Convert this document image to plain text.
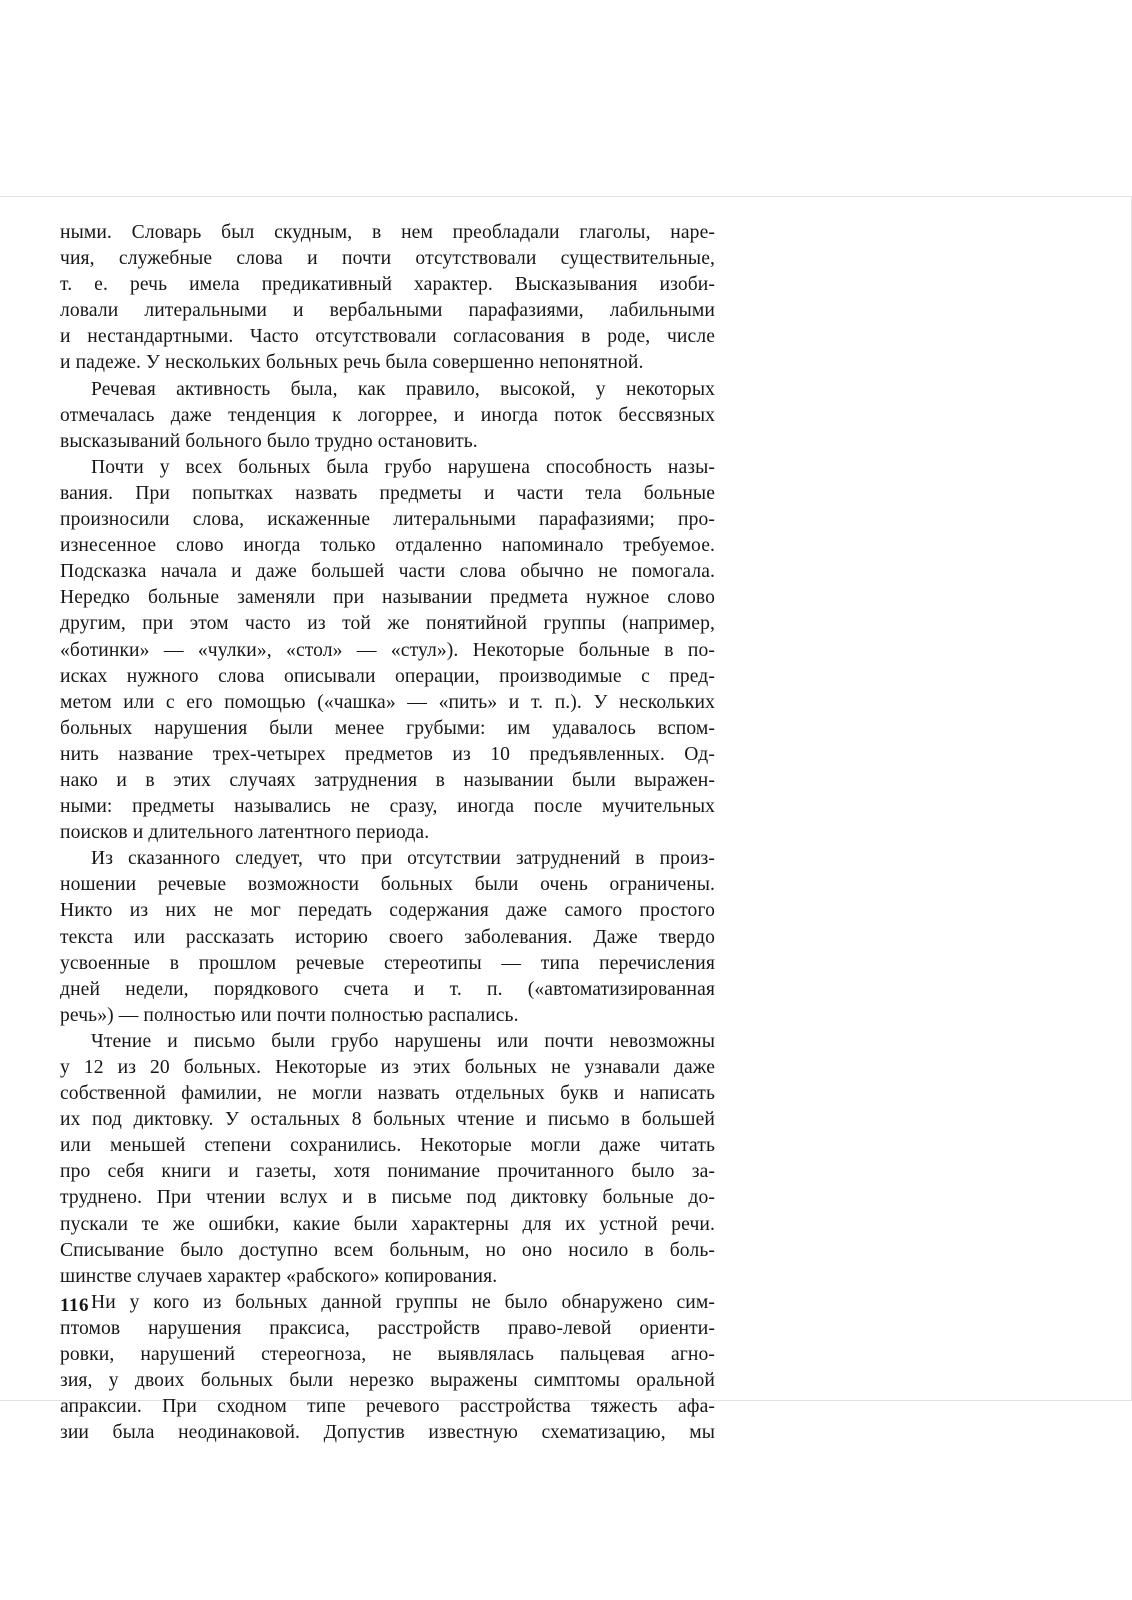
ными. Словарь был скудным, в нем преобладали глаголы, наре-
чия, служебные слова и почти отсутствовали существительные,
т. е. речь имела предикативный характер. Высказывания изоби-
ловали литеральными и вербальными парафазиями, лабильными
и нестандартными. Часто отсутствовали согласования в роде, числе
и падеже. У нескольких больных речь была совершенно непонятной.
Речевая активность была, как правило, высокой, у некоторых
отмечалась даже тенденция к логоррее, и иногда поток бессвязных
высказываний больного было трудно остановить.
Почти у всех больных была грубо нарушена способность назы-
вания. При попытках назвать предметы и части тела больные
произносили слова, искаженные литеральными парафазиями; про-
изнесенное слово иногда только отдаленно напоминало требуемое.
Подсказка начала и даже большей части слова обычно не помогала.
Нередко больные заменяли при назывании предмета нужное слово
другим, при этом часто из той же понятийной группы (например,
«ботинки» — «чулки», «стол» — «стул»). Некоторые больные в по-
исках нужного слова описывали операции, производимые с пред-
метом или с его помощью («чашка» — «пить» и т. п.). У нескольких
больных нарушения были менее грубыми: им удавалось вспом-
нить название трех-четырех предметов из 10 предъявленных. Од-
нако и в этих случаях затруднения в назывании были выражен-
ными: предметы назывались не сразу, иногда после мучительных
поисков и длительного латентного периода.
Из сказанного следует, что при отсутствии затруднений в произ-
ношении речевые возможности больных были очень ограничены.
Никто из них не мог передать содержания даже самого простого
текста или рассказать историю своего заболевания. Даже твердо
усвоенные в прошлом речевые стереотипы — типа перечисления
дней недели, порядкового счета и т. п. («автоматизированная
речь») — полностью или почти полностью распались.
Чтение и письмо были грубо нарушены или почти невозможны
у 12 из 20 больных. Некоторые из этих больных не узнавали даже
собственной фамилии, не могли назвать отдельных букв и написать
их под диктовку. У остальных 8 больных чтение и письмо в большей
или меньшей степени сохранились. Некоторые могли даже читать
про себя книги и газеты, хотя понимание прочитанного было за-
труднено. При чтении вслух и в письме под диктовку больные до-
пускали те же ошибки, какие были характерны для их устной речи.
Списывание было доступно всем больным, но оно носило в боль-
шинстве случаев характер «рабского» копирования.
Ни у кого из больных данной группы не было обнаружено сим-
птомов нарушения праксиса, расстройств право-левой ориенти-
ровки, нарушений стереогноза, не выявлялась пальцевая агно-
зия, у двоих больных были нерезко выражены симптомы оральной
апраксии. При сходном типе речевого расстройства тяжесть афа-
зии была неодинаковой. Допустив известную схематизацию, мы
116
